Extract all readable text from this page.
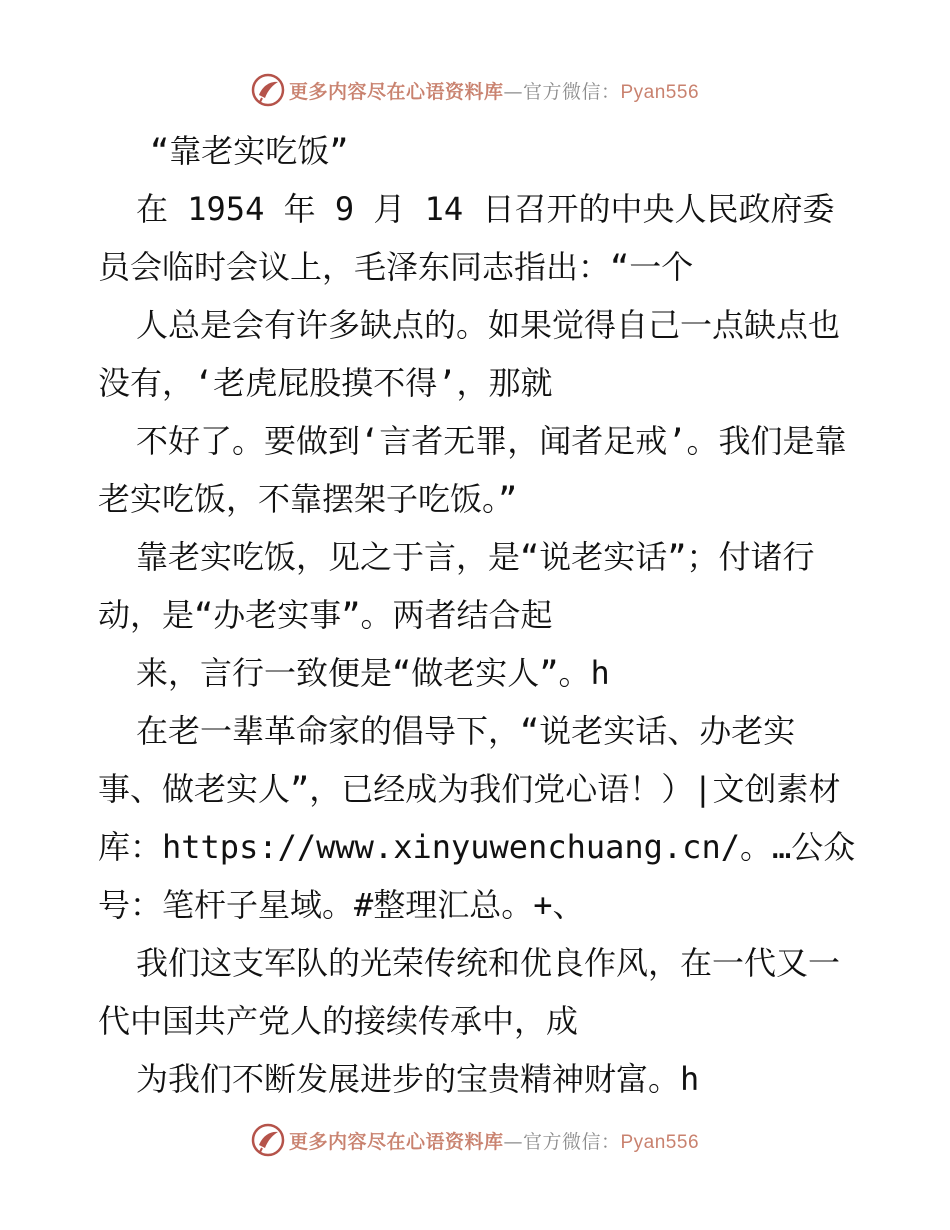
更多内容尽在心语资料库—官方微信：Pyan556

“靠老实吃饭”

在 1954 年 9 月 14 日召开的中央人民政府委员会临时会议上，毛泽东同志指出：“一个

人总是会有许多缺点的。如果觉得自己一点缺点也没有，‘老虎屁股摸不得’，那就

不好了。要做到‘言者无罪，闻者足戒’。我们是靠老实吃饭，不靠摆架子吃饭。”

靠老实吃饭，见之于言，是“说老实话”；付诸行动，是“办老实事”。两者结合起

来，言行一致便是“做老实人”。h

在老一辈革命家的倡导下，“说老实话、办老实事、做老实人”，已经成为我们党心语！）|文创素材库：https://www.xinyuwenchuang.cn/。…公众号：笔杆子星域。#整理汇总。+、

我们这支军队的光荣传统和优良作风，在一代又一代中国共产党人的接续传承中，成

为我们不断发展进步的宝贵精神财富。h

更多内容尽在心语资料库—官方微信：Pyan556
